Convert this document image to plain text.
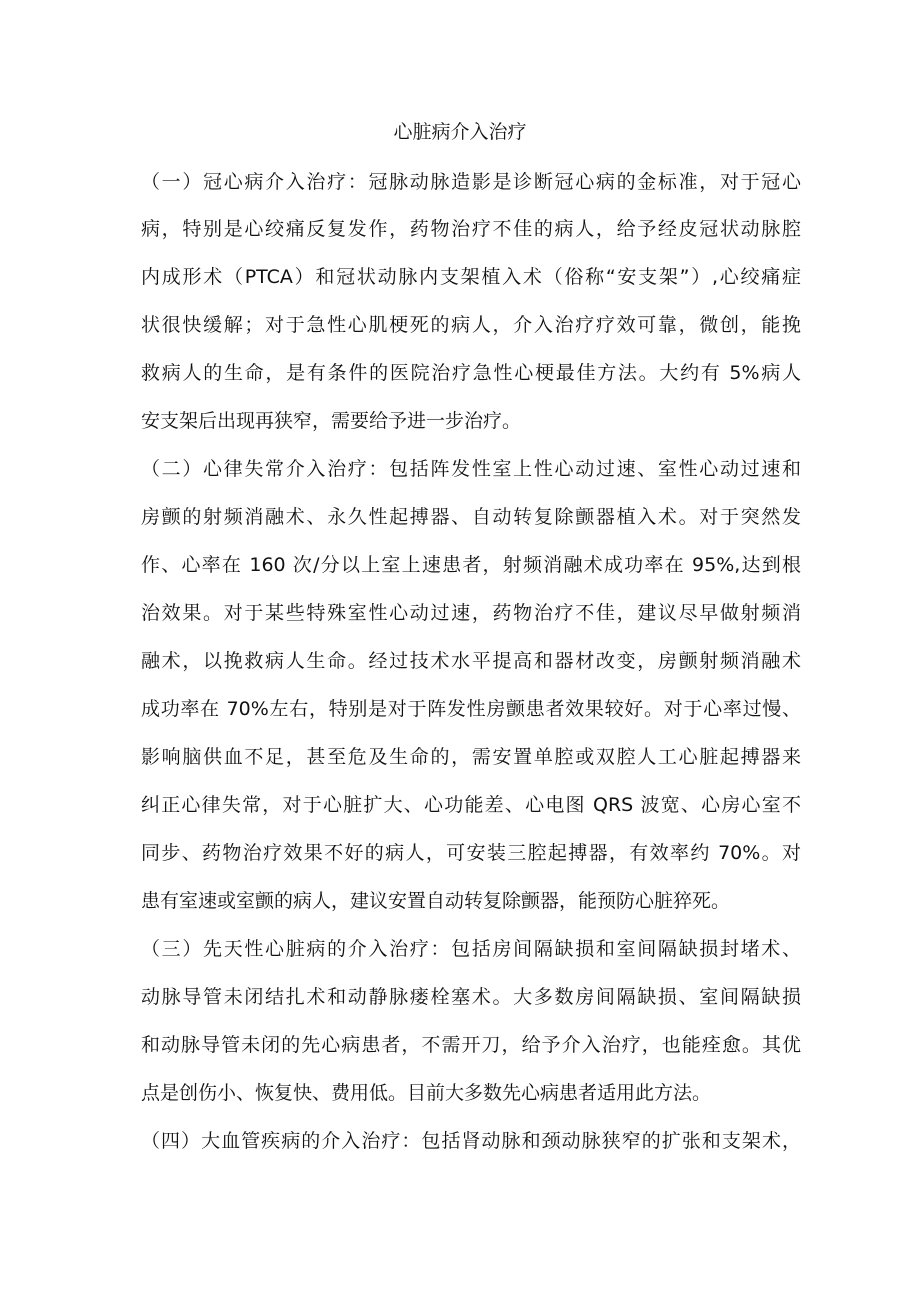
心脏病介入治疗

（一）冠心病介入治疗：冠脉动脉造影是诊断冠心病的金标准，对于冠心

病，特别是心绞痛反复发作，药物治疗不佳的病人，给予经皮冠状动脉腔

内成形术（PTCA）和冠状动脉内支架植入术（俗称“安支架”）,心绞痛症

状很快缓解；对于急性心肌梗死的病人，介入治疗疗效可靠，微创，能挽

救病人的生命，是有条件的医院治疗急性心梗最佳方法。大约有 5%病人

安支架后出现再狭窄，需要给予进一步治疗。

（二）心律失常介入治疗：包括阵发性室上性心动过速、室性心动过速和

房颤的射频消融术、永久性起搏器、自动转复除颤器植入术。对于突然发

作、心率在 160 次/分以上室上速患者，射频消融术成功率在 95%,达到根

治效果。对于某些特殊室性心动过速，药物治疗不佳，建议尽早做射频消

融术，以挽救病人生命。经过技术水平提高和器材改变，房颤射频消融术

成功率在 70%左右，特别是对于阵发性房颤患者效果较好。对于心率过慢、

影响脑供血不足，甚至危及生命的，需安置单腔或双腔人工心脏起搏器来

纠正心律失常，对于心脏扩大、心功能差、心电图 QRS 波宽、心房心室不

同步、药物治疗效果不好的病人，可安装三腔起搏器，有效率约 70%。对

患有室速或室颤的病人，建议安置自动转复除颤器，能预防心脏猝死。

（三）先天性心脏病的介入治疗：包括房间隔缺损和室间隔缺损封堵术、

动脉导管未闭结扎术和动静脉瘘栓塞术。大多数房间隔缺损、室间隔缺损

和动脉导管未闭的先心病患者，不需开刀，给予介入治疗，也能痊愈。其优

点是创伤小、恢复快、费用低。目前大多数先心病患者适用此方法。

（四）大血管疾病的介入治疗：包括肾动脉和颈动脉狭窄的扩张和支架术，
